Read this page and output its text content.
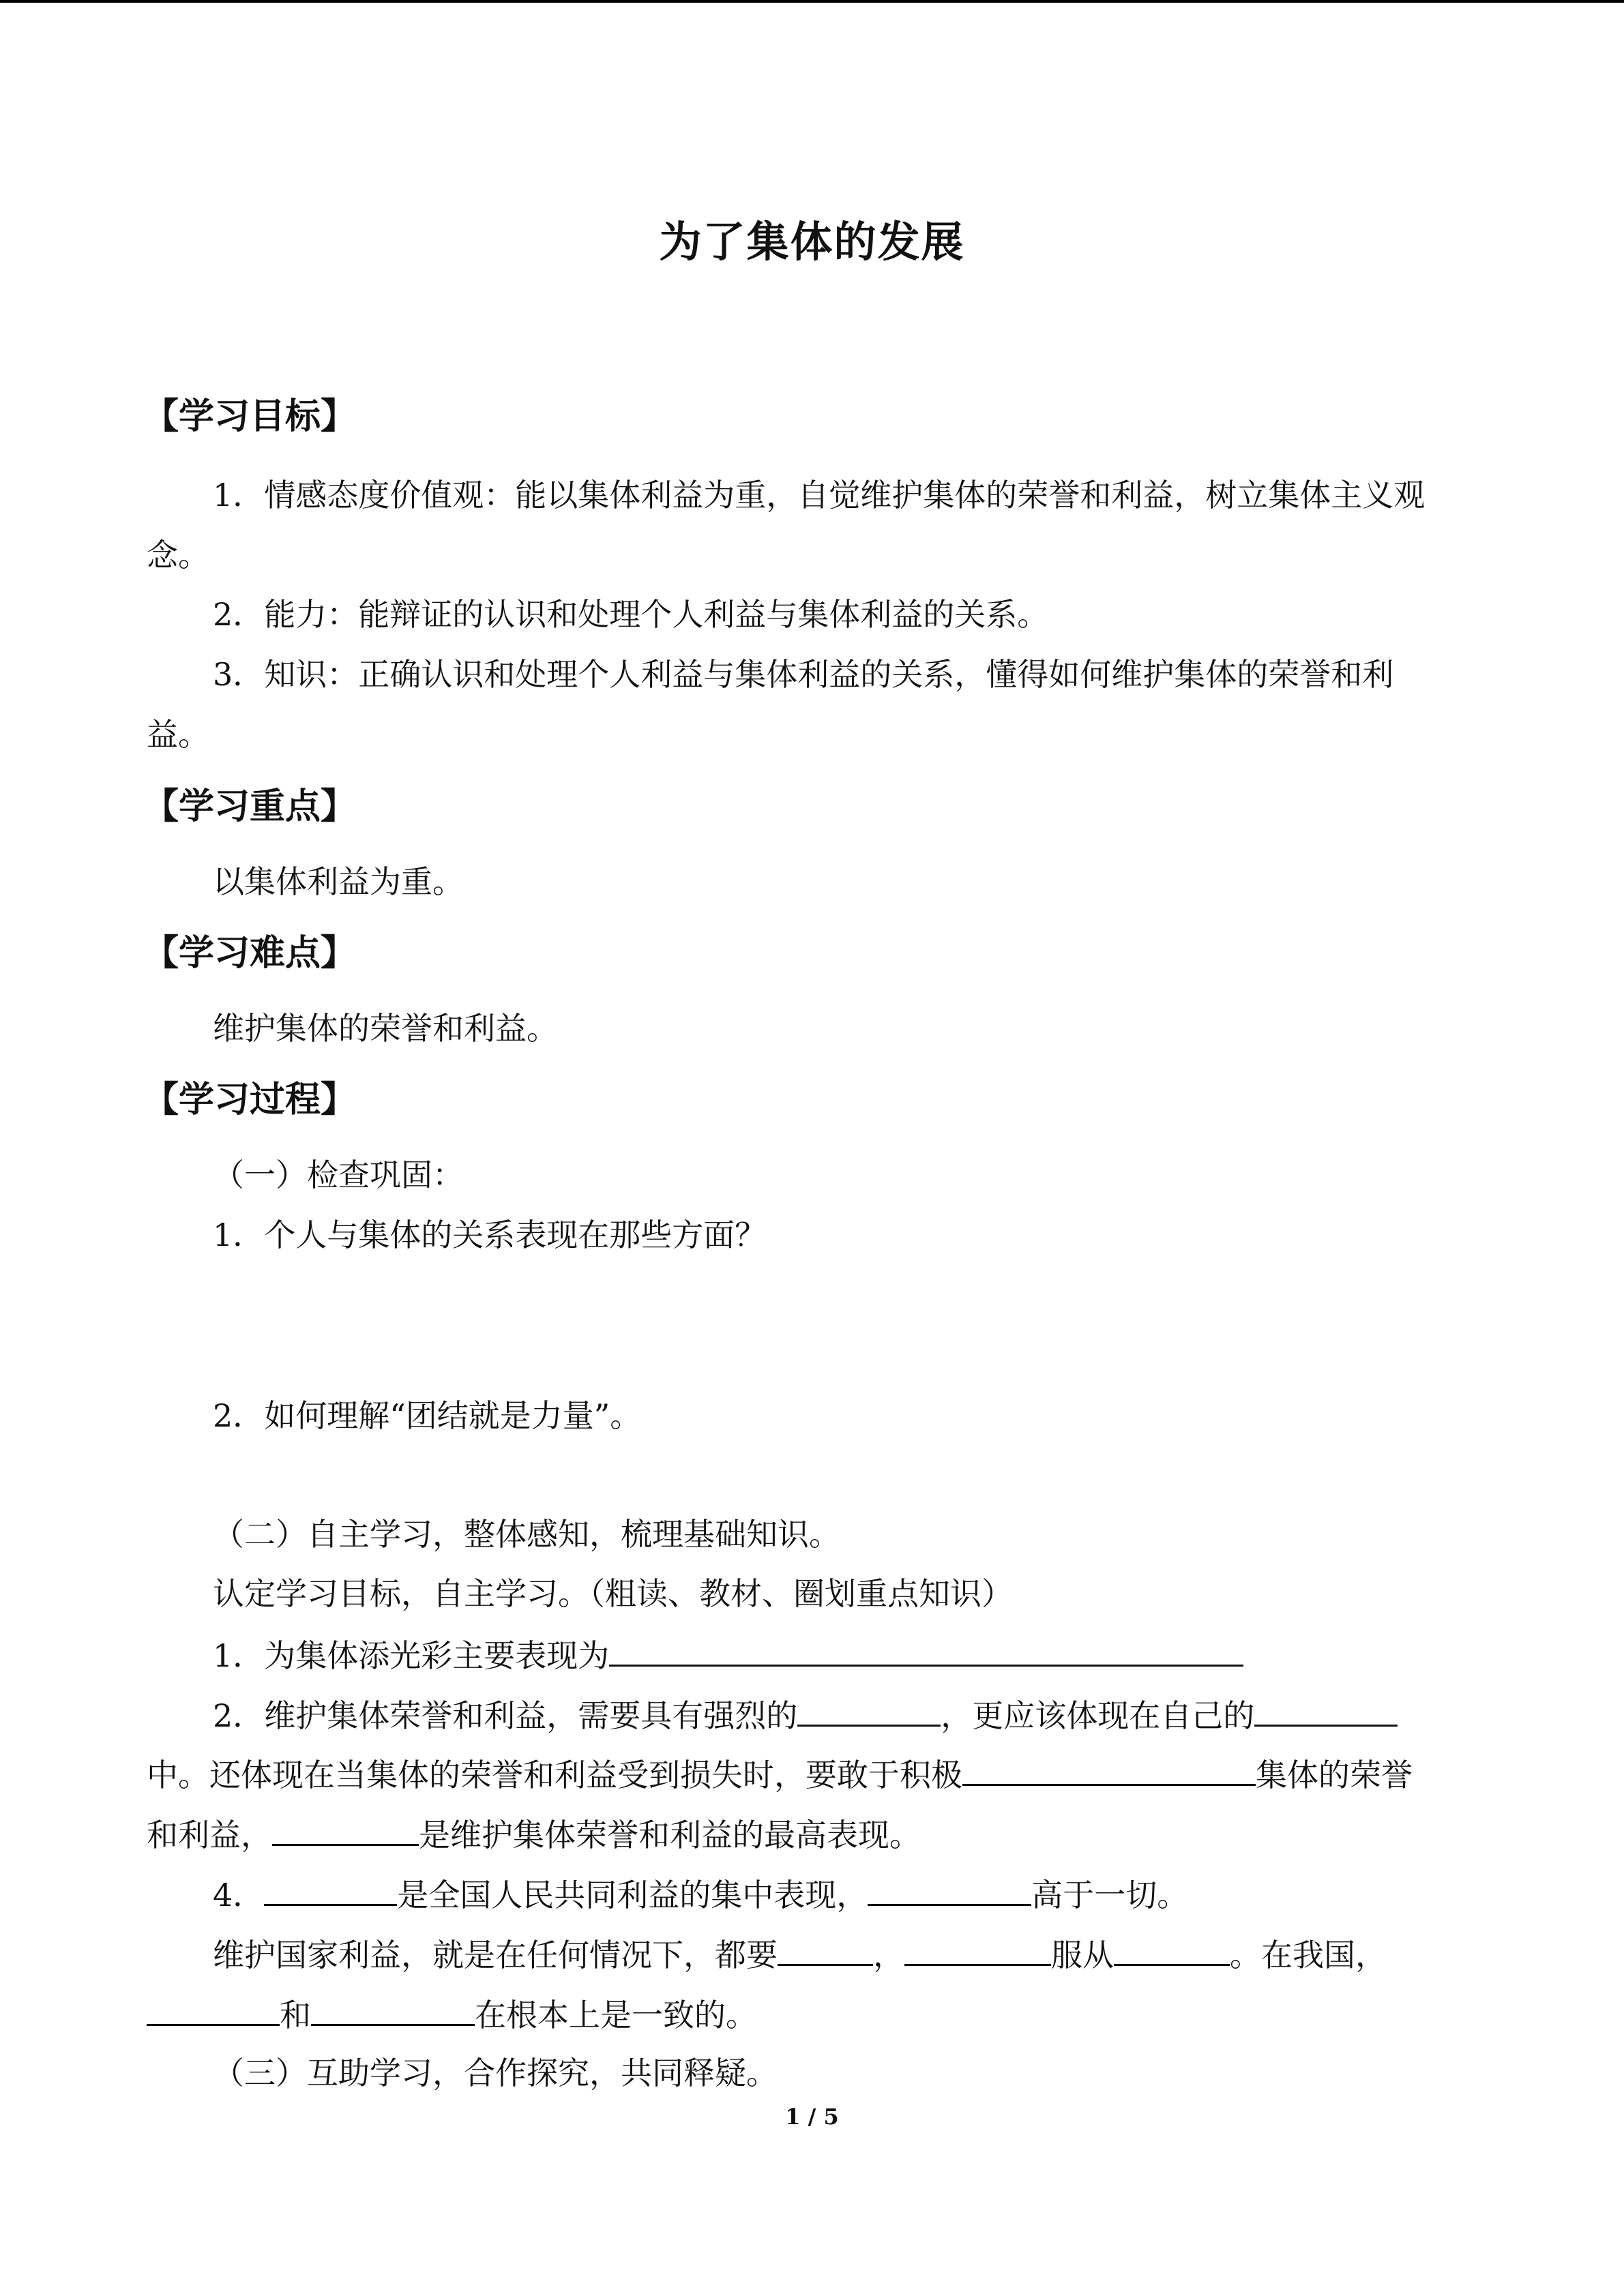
为了集体的发展
【学习目标】
1．情感态度价值观：能以集体利益为重，自觉维护集体的荣誉和利益，树立集体主义观
念。
2．能力：能辩证的认识和处理个人利益与集体利益的关系。
3．知识：正确认识和处理个人利益与集体利益的关系，懂得如何维护集体的荣誉和利
益。
【学习重点】
以集体利益为重。
【学习难点】
维护集体的荣誉和利益。
【学习过程】
（一）检查巩固：
1．个人与集体的关系表现在那些方面？
2．如何理解“团结就是力量”。
（二）自主学习，整体感知，梳理基础知识。
认定学习目标，自主学习。（粗读、教材、圈划重点知识）
1．为集体添光彩主要表现为
2．维护集体荣誉和利益，需要具有强烈的	，更应该体现在自己的
中。还体现在当集体的荣誉和利益受到损失时，要敢于积极	集体的荣誉
和利益，	是维护集体荣誉和利益的最高表现。
4．	是全国人民共同利益的集中表现，	高于一切。
维护国家利益，就是在任何情况下，都要	，	服从	。在我国，
和	在根本上是一致的。
（三）互助学习，合作探究，共同释疑。
1 / 5
